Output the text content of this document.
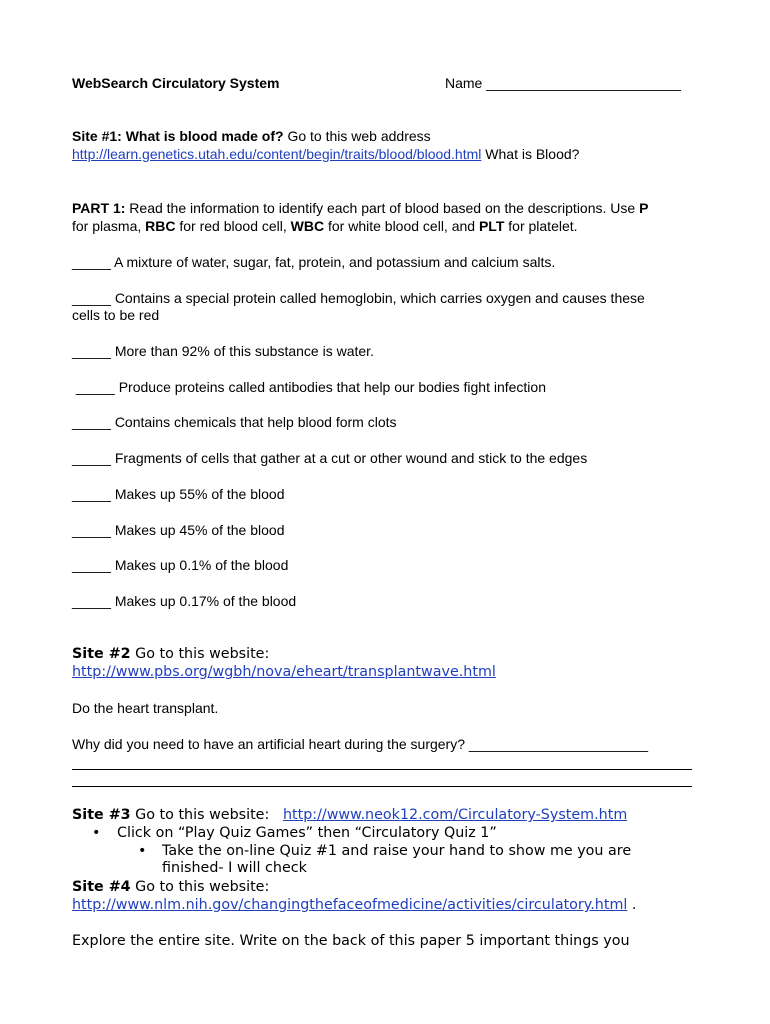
WebSearch Circulatory System	Name _________________________
Site #1: What is blood made of? Go to this web address
http://learn.genetics.utah.edu/content/begin/traits/blood/blood.html What is Blood?
PART 1: Read the information to identify each part of blood based on the descriptions. Use P
for plasma, RBC for red blood cell, WBC for white blood cell, and PLT for platelet.
_____ A mixture of water, sugar, fat, protein, and potassium and calcium salts.
_____ Contains a special protein called hemoglobin, which carries oxygen and causes these
cells to be red
_____ More than 92% of this substance is water.
_____ Produce proteins called antibodies that help our bodies fight infection
_____ Contains chemicals that help blood form clots
_____ Fragments of cells that gather at a cut or other wound and stick to the edges
_____ Makes up 55% of the blood
_____ Makes up 45% of the blood
_____ Makes up 0.1% of the blood
_____ Makes up 0.17% of the blood
Site #2 Go to this website:
http://www.pbs.org/wgbh/nova/eheart/transplantwave.html
Do the heart transplant.
Why did you need to have an artificial heart during the surgery? _______________________
Site #3 Go to this website:   http://www.neok12.com/Circulatory-System.htm
• Click on “Play Quiz Games” then “Circulatory Quiz 1”
• Take the on-line Quiz #1 and raise your hand to show me you are
finished- I will check
Site #4 Go to this website:
http://www.nlm.nih.gov/changingthefaceofmedicine/activities/circulatory.html .
Explore the entire site. Write on the back of this paper 5 important things you
